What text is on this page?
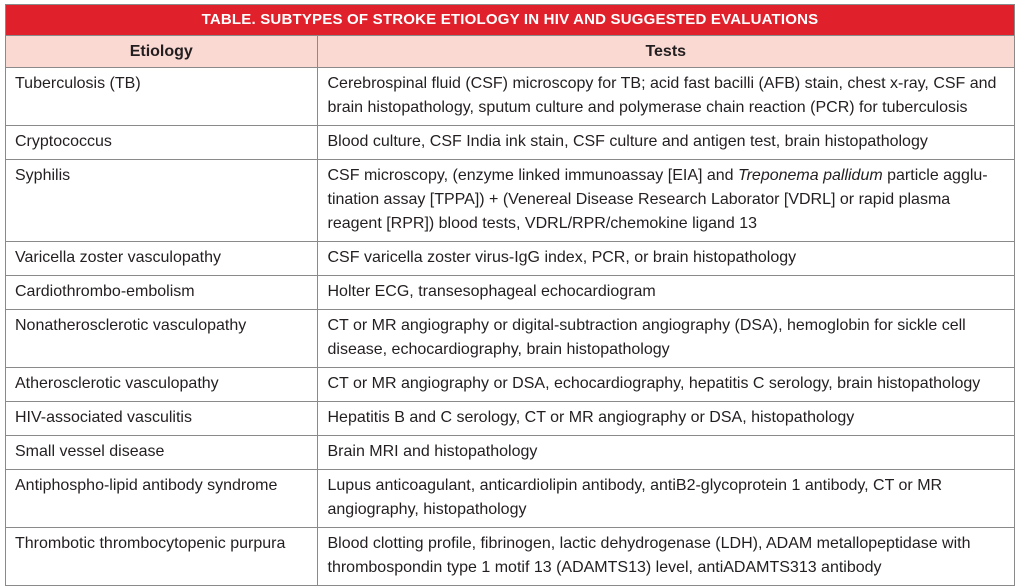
TABLE. SUBTYPES OF STROKE ETIOLOGY IN HIV AND SUGGESTED EVALUATIONS
Etiology	Tests
Tuberculosis (TB)	Cerebrospinal fluid (CSF) microscopy for TB; acid fast bacilli (AFB) stain, chest x-ray, CSF and brain histopathology, sputum culture and polymerase chain reaction (PCR) for tuberculosis
Cryptococcus	Blood culture, CSF India ink stain, CSF culture and antigen test, brain histopathology
Syphilis	CSF microscopy, (enzyme linked immunoassay [EIA] and Treponema pallidum particle agglu-tination assay [TPPA]) + (Venereal Disease Research Laborator [VDRL] or rapid plasma reagent [RPR]) blood tests, VDRL/RPR/chemokine ligand 13
Varicella zoster vasculopathy	CSF varicella zoster virus-IgG index, PCR, or brain histopathology
Cardiothrombo-embolism	Holter ECG, transesophageal echocardiogram
Nonatherosclerotic vasculopathy	CT or MR angiography or digital-subtraction angiography (DSA), hemoglobin for sickle cell disease, echocardiography, brain histopathology
Atherosclerotic vasculopathy	CT or MR angiography or DSA, echocardiography, hepatitis C serology, brain histopathology
HIV-associated vasculitis	Hepatitis B and C serology, CT or MR angiography or DSA, histopathology
Small vessel disease	Brain MRI and histopathology
Antiphospho-lipid antibody syndrome	Lupus anticoagulant, anticardiolipin antibody, antiB2-glycoprotein 1 antibody, CT or MR angiography, histopathology
Thrombotic thrombocytopenic purpura	Blood clotting profile, fibrinogen, lactic dehydrogenase (LDH), ADAM metallopeptidase with thrombospondin type 1 motif 13 (ADAMTS13) level, antiADAMTS313 antibody
